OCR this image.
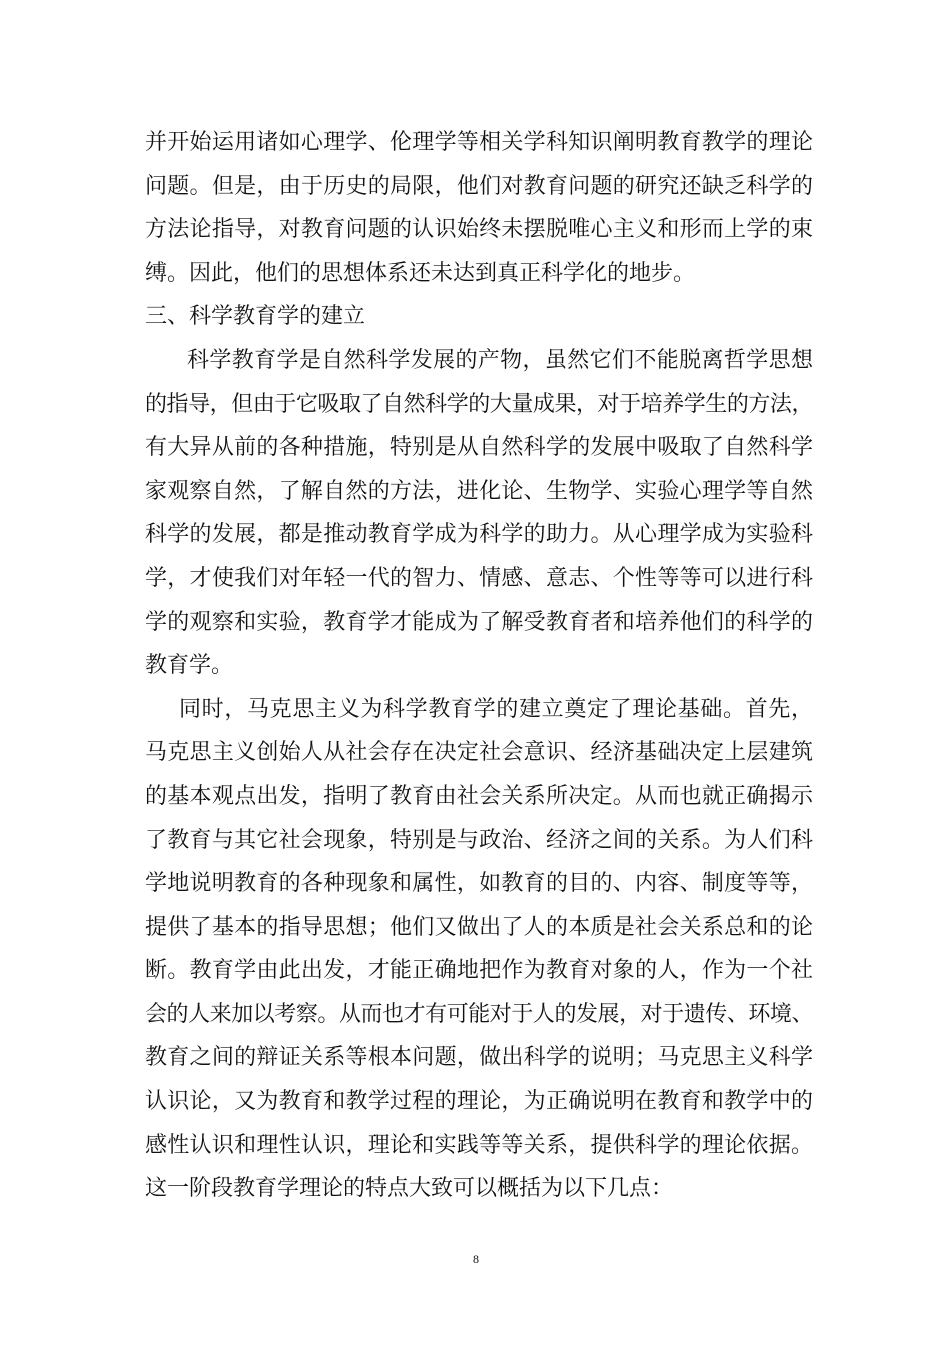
并开始运用诸如心理学、伦理学等相关学科知识阐明教育教学的理论
问题。但是，由于历史的局限，他们对教育问题的研究还缺乏科学的
方法论指导，对教育问题的认识始终未摆脱唯心主义和形而上学的束
缚。因此，他们的思想体系还未达到真正科学化的地步。
三、科学教育学的建立
科学教育学是自然科学发展的产物，虽然它们不能脱离哲学思想
的指导，但由于它吸取了自然科学的大量成果，对于培养学生的方法，
有大异从前的各种措施，特别是从自然科学的发展中吸取了自然科学
家观察自然，了解自然的方法，进化论、生物学、实验心理学等自然
科学的发展，都是推动教育学成为科学的助力。从心理学成为实验科
学，才使我们对年轻一代的智力、情感、意志、个性等等可以进行科
学的观察和实验，教育学才能成为了解受教育者和培养他们的科学的
教育学。
同时，马克思主义为科学教育学的建立奠定了理论基础。首先，
马克思主义创始人从社会存在决定社会意识、经济基础决定上层建筑
的基本观点出发，指明了教育由社会关系所决定。从而也就正确揭示
了教育与其它社会现象，特别是与政治、经济之间的关系。为人们科
学地说明教育的各种现象和属性，如教育的目的、内容、制度等等，
提供了基本的指导思想；他们又做出了人的本质是社会关系总和的论
断。教育学由此出发，才能正确地把作为教育对象的人，作为一个社
会的人来加以考察。从而也才有可能对于人的发展，对于遗传、环境、
教育之间的辩证关系等根本问题，做出科学的说明；马克思主义科学
认识论，又为教育和教学过程的理论，为正确说明在教育和教学中的
感性认识和理性认识，理论和实践等等关系，提供科学的理论依据。
这一阶段教育学理论的特点大致可以概括为以下几点：
8
